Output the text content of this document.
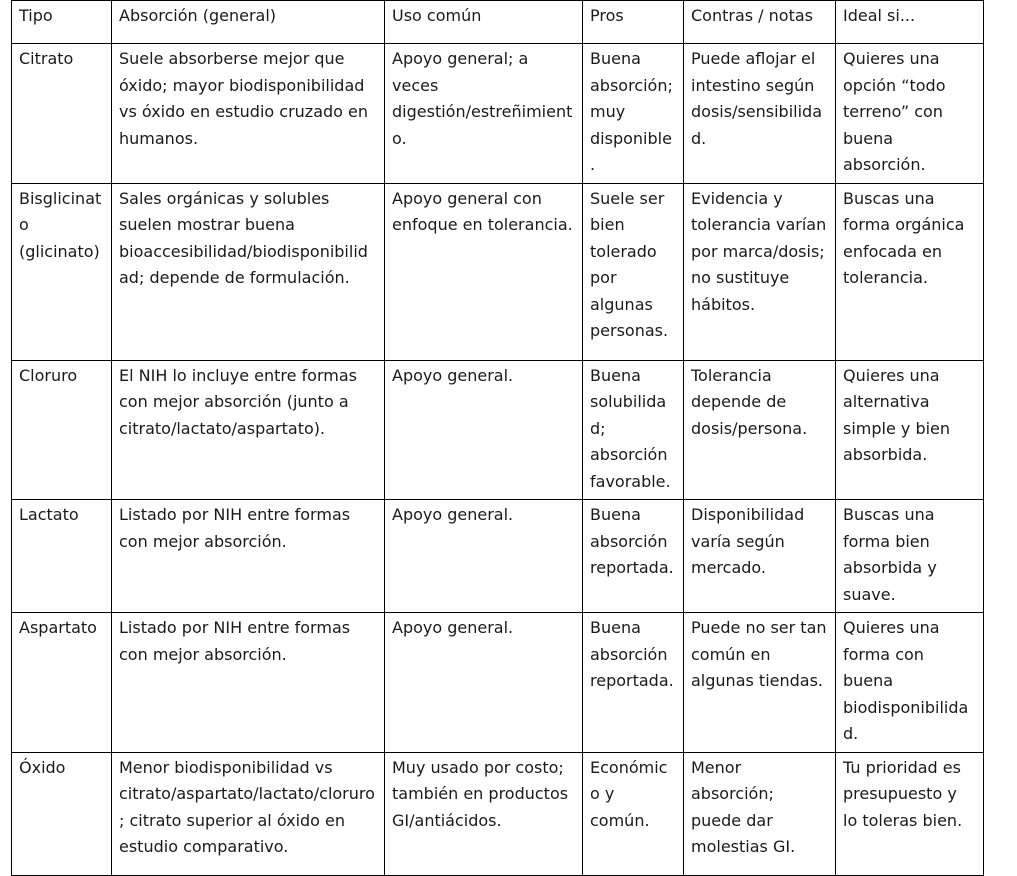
Tipo	Absorción (general)	Uso común	Pros	Contras / notas	Ideal si...
Citrato	Suele absorberse mejor que óxido; mayor biodisponibilidad vs óxido en estudio cruzado en humanos.	Apoyo general; a veces digestión/estreñimiento.	Buena absorción; muy disponible.	Puede aflojar el intestino según dosis/sensibilidad.	Quieres una opción “todo terreno” con buena absorción.
Bisglicinato (glicinato)	Sales orgánicas y solubles suelen mostrar buena bioaccesibilidad/biodisponibilidad; depende de formulación.	Apoyo general con enfoque en tolerancia.	Suele ser bien tolerado por algunas personas.	Evidencia y tolerancia varían por marca/dosis; no sustituye hábitos.	Buscas una forma orgánica enfocada en tolerancia.
Cloruro	El NIH lo incluye entre formas con mejor absorción (junto a citrato/lactato/aspartato).	Apoyo general.	Buena solubilidad; absorción favorable.	Tolerancia depende de dosis/persona.	Quieres una alternativa simple y bien absorbida.
Lactato	Listado por NIH entre formas con mejor absorción.	Apoyo general.	Buena absorción reportada.	Disponibilidad varía según mercado.	Buscas una forma bien absorbida y suave.
Aspartato	Listado por NIH entre formas con mejor absorción.	Apoyo general.	Buena absorción reportada.	Puede no ser tan común en algunas tiendas.	Quieres una forma con buena biodisponibilidad.
Óxido	Menor biodisponibilidad vs citrato/aspartato/lactato/cloruro; citrato superior al óxido en estudio comparativo.	Muy usado por costo; también en productos GI/antiácidos.	Económico y común.	Menor absorción; puede dar molestias GI.	Tu prioridad es presupuesto y lo toleras bien.
